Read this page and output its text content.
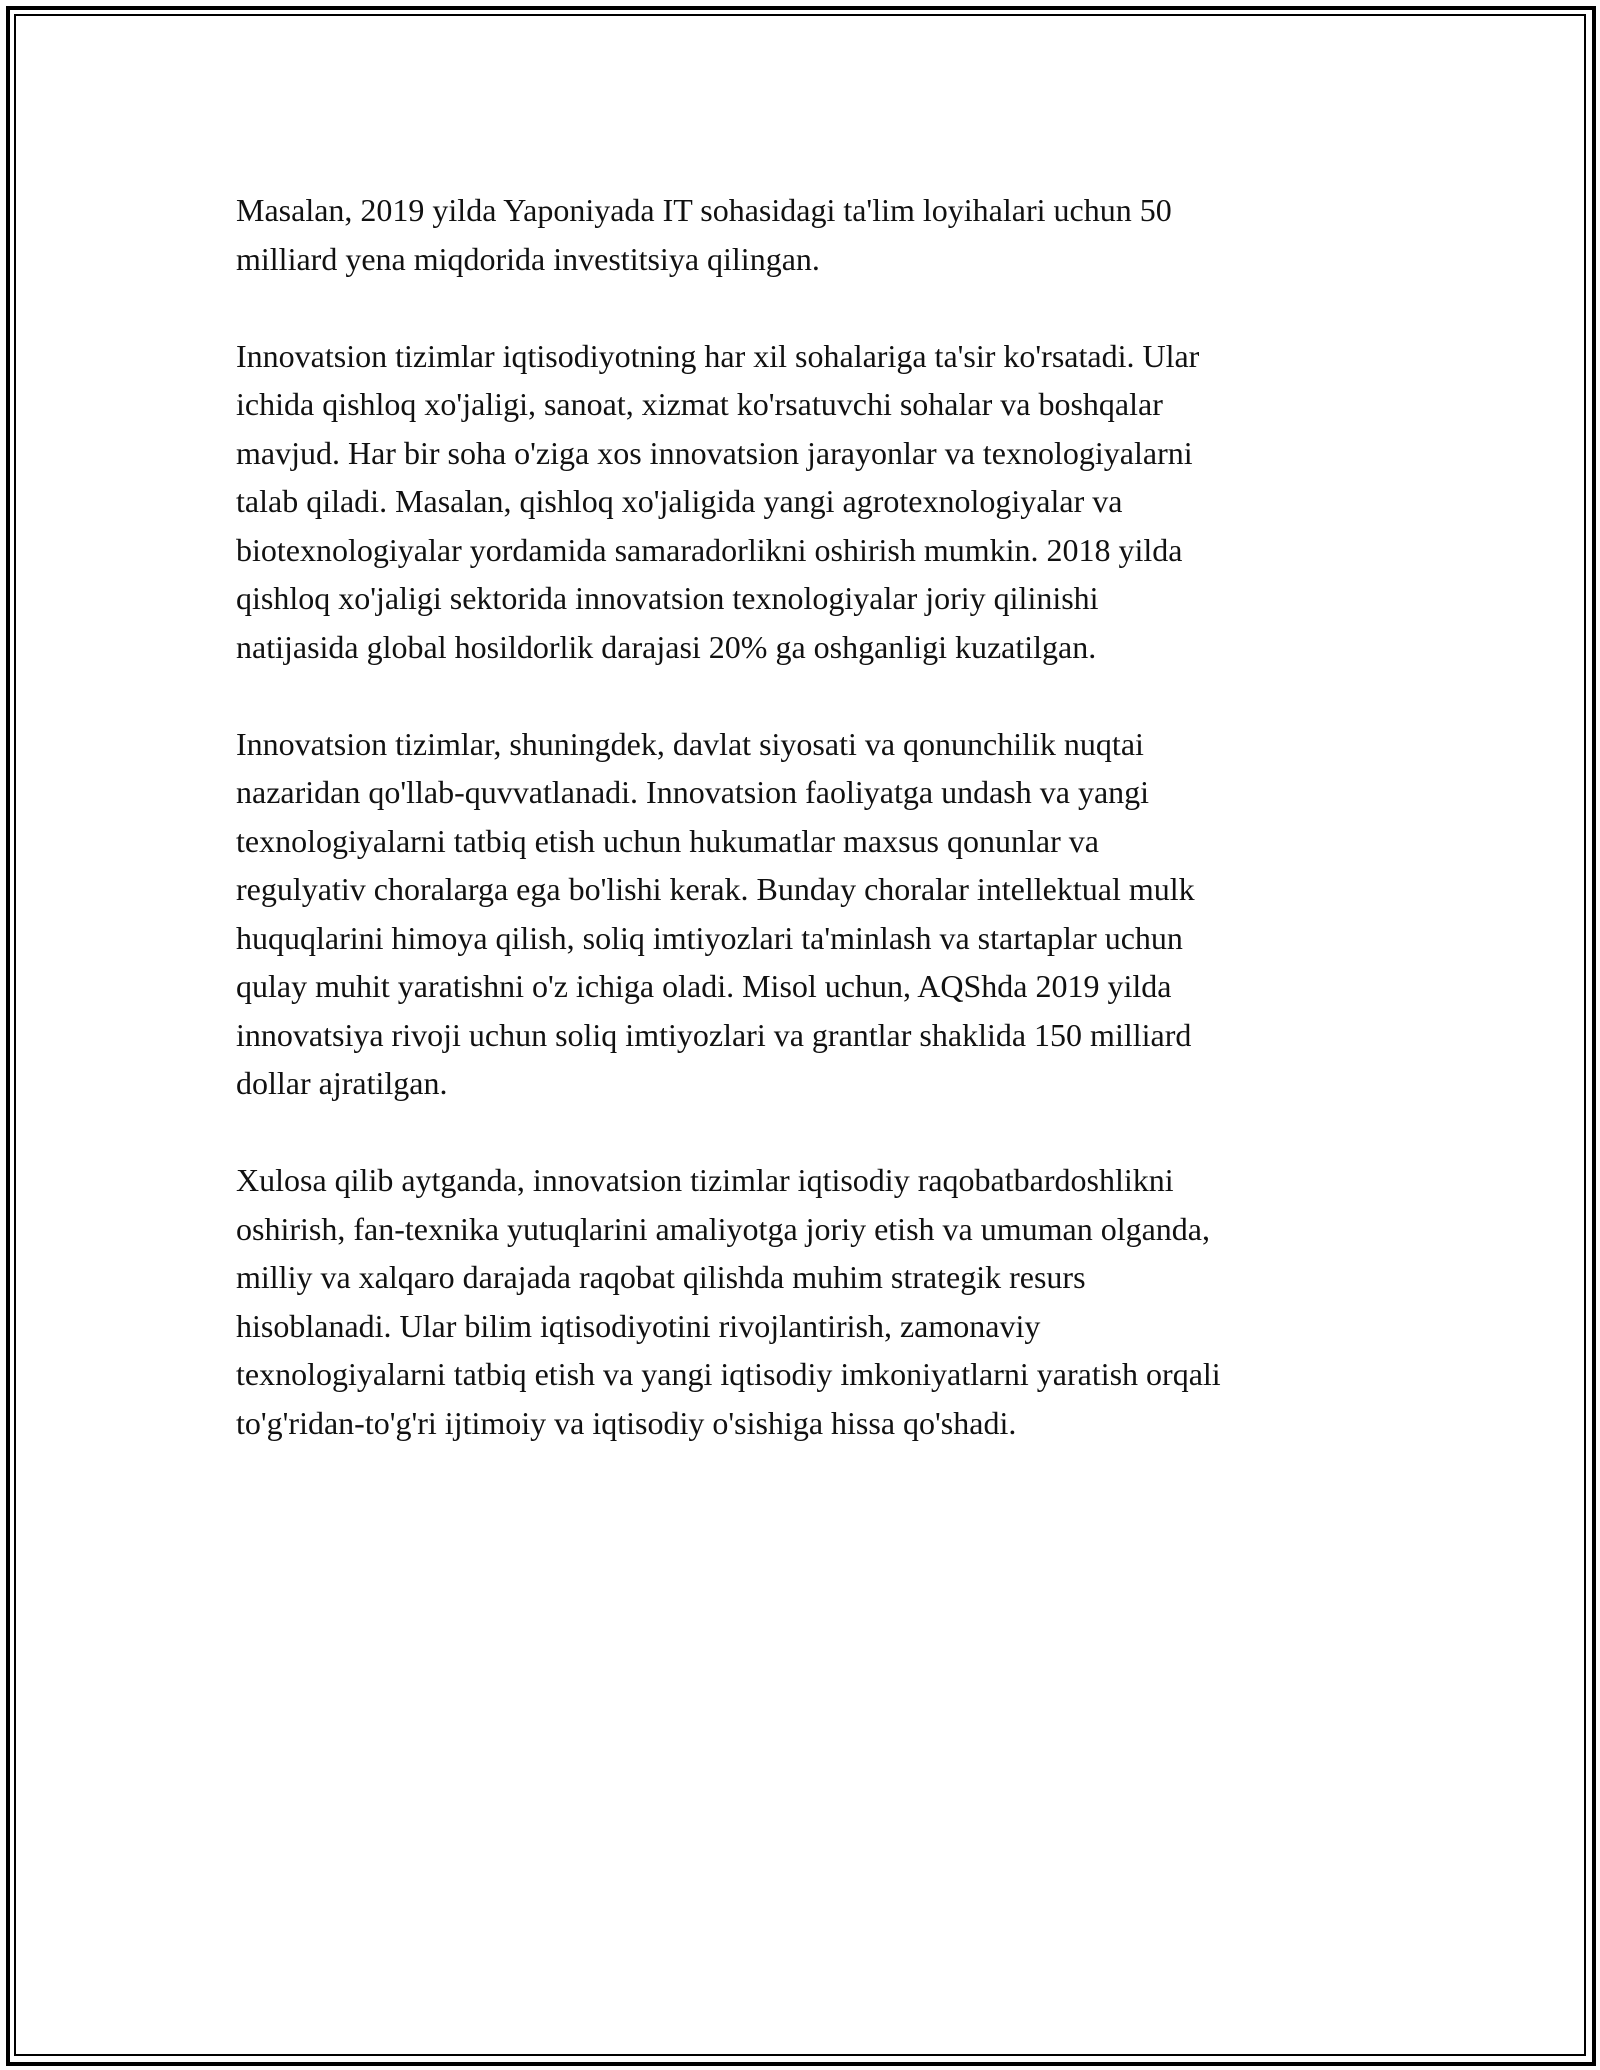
Masalan, 2019 yilda Yaponiyada IT sohasidagi ta'lim loyihalari uchun 50
milliard yena miqdorida investitsiya qilingan.

Innovatsion tizimlar iqtisodiyotning har xil sohalariga ta'sir ko'rsatadi. Ular
ichida qishloq xo'jaligi, sanoat, xizmat ko'rsatuvchi sohalar va boshqalar
mavjud. Har bir soha o'ziga xos innovatsion jarayonlar va texnologiyalarni
talab qiladi. Masalan, qishloq xo'jaligida yangi agrotexnologiyalar va
biotexnologiyalar yordamida samaradorlikni oshirish mumkin. 2018 yilda
qishloq xo'jaligi sektorida innovatsion texnologiyalar joriy qilinishi
natijasida global hosildorlik darajasi 20% ga oshganligi kuzatilgan.

Innovatsion tizimlar, shuningdek, davlat siyosati va qonunchilik nuqtai
nazaridan qo'llab-quvvatlanadi. Innovatsion faoliyatga undash va yangi
texnologiyalarni tatbiq etish uchun hukumatlar maxsus qonunlar va
regulyativ choralarga ega bo'lishi kerak. Bunday choralar intellektual mulk
huquqlarini himoya qilish, soliq imtiyozlari ta'minlash va startaplar uchun
qulay muhit yaratishni o'z ichiga oladi. Misol uchun, AQShda 2019 yilda
innovatsiya rivoji uchun soliq imtiyozlari va grantlar shaklida 150 milliard
dollar ajratilgan.

Xulosa qilib aytganda, innovatsion tizimlar iqtisodiy raqobatbardoshlikni
oshirish, fan-texnika yutuqlarini amaliyotga joriy etish va umuman olganda,
milliy va xalqaro darajada raqobat qilishda muhim strategik resurs
hisoblanadi. Ular bilim iqtisodiyotini rivojlantirish, zamonaviy
texnologiyalarni tatbiq etish va yangi iqtisodiy imkoniyatlarni yaratish orqali
to'g'ridan-to'g'ri ijtimoiy va iqtisodiy o'sishiga hissa qo'shadi.
